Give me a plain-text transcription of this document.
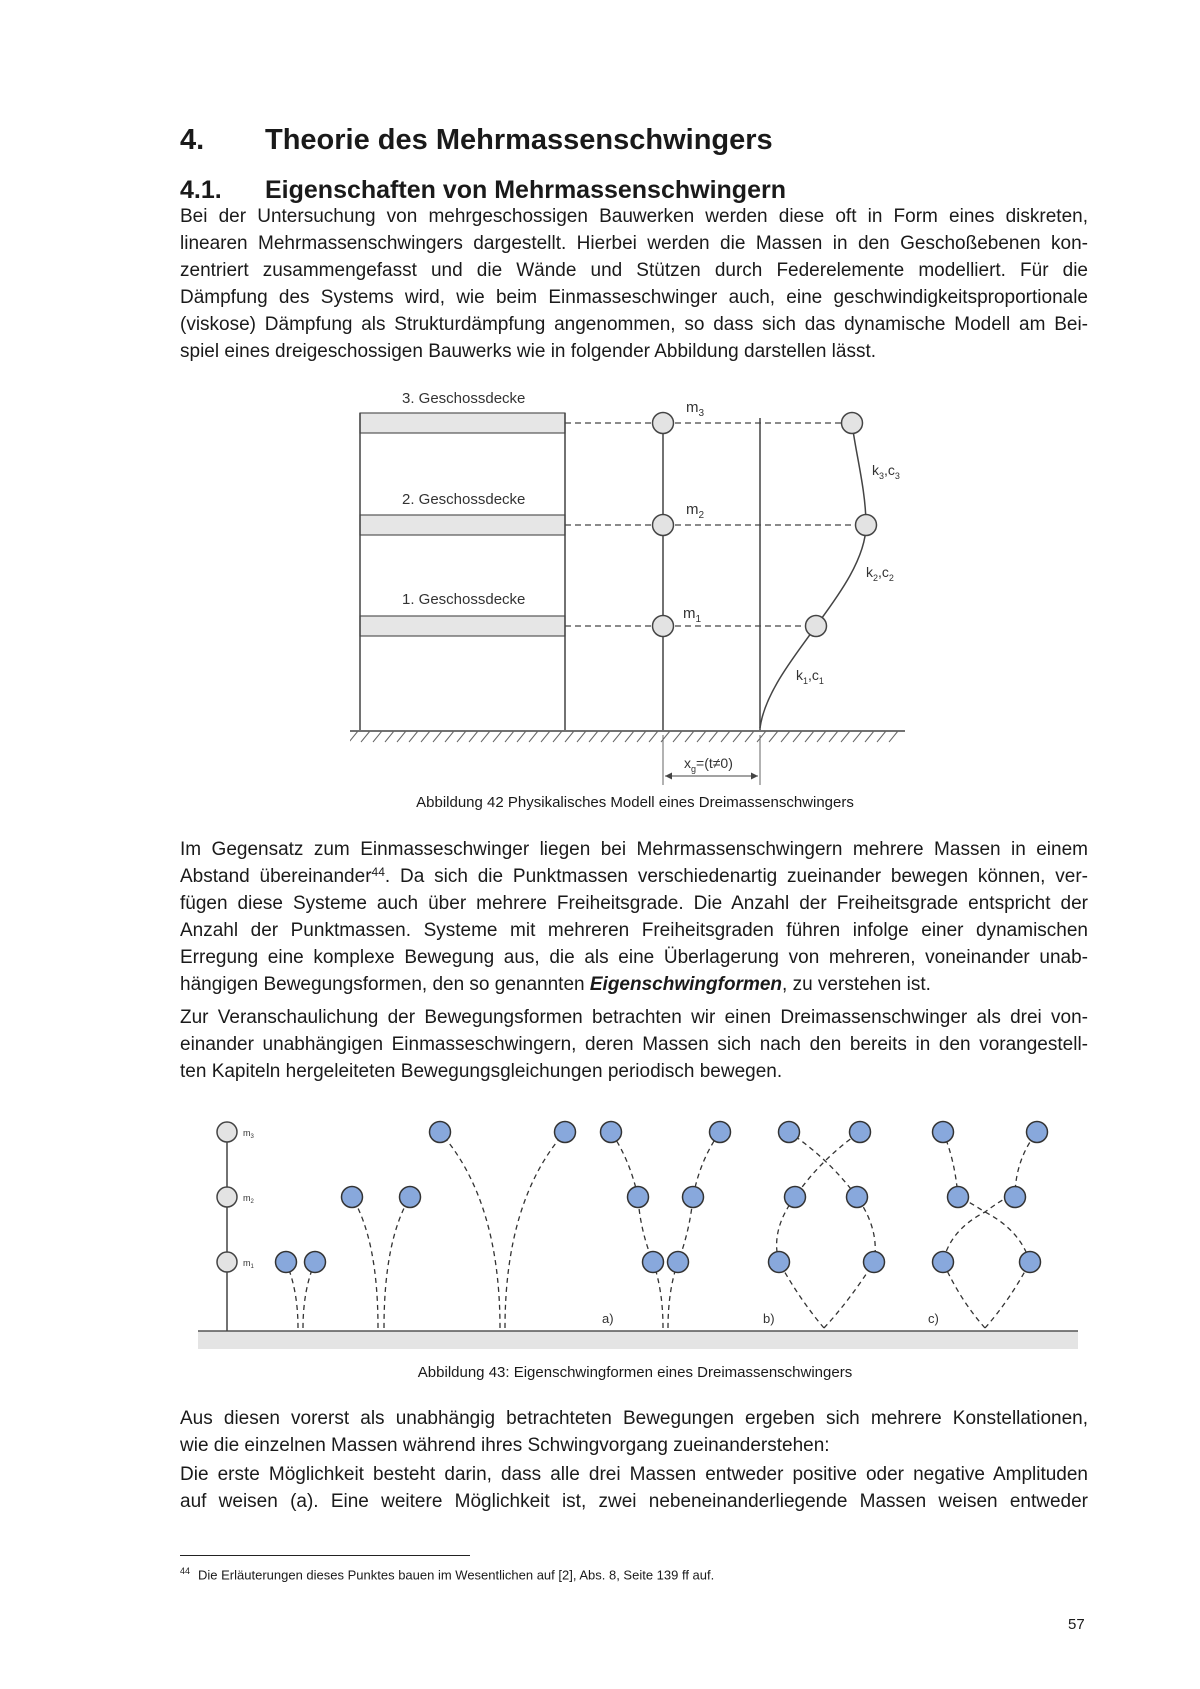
4. Theorie des Mehrmassenschwingers
4.1. Eigenschaften von Mehrmassenschwingern
Bei der Untersuchung von mehrgeschossigen Bauwerken werden diese oft in Form eines diskreten,
linearen Mehrmassenschwingers dargestellt. Hierbei werden die Massen in den Geschoßebenen kon-
zentriert zusammengefasst und die Wände und Stützen durch Federelemente modelliert. Für die
Dämpfung des Systems wird, wie beim Einmasseschwinger auch, eine geschwindigkeitsproportionale
(viskose) Dämpfung als Strukturdämpfung angenommen, so dass sich das dynamische Modell am Bei-
spiel eines dreigeschossigen Bauwerks wie in folgender Abbildung darstellen lässt.
3. Geschossdecke
2. Geschossdecke
1. Geschossdecke
$m_3$
$m_2$
$m_1$
$k_3,c_3$
$k_2,c_2$
$k_1,c_1$
$x_g=(t\ne 0)$
Abbildung 42 Physikalisches Modell eines Dreimassenschwingers
Im Gegensatz zum Einmasseschwinger liegen bei Mehrmassenschwingern mehrere Massen in einem
Abstand übereinander$^{44}$. Da sich die Punktmassen verschiedenartig zueinander bewegen können, ver-
fügen diese Systeme auch über mehrere Freiheitsgrade. Die Anzahl der Freiheitsgrade entspricht der
Anzahl der Punktmassen. Systeme mit mehreren Freiheitsgraden führen infolge einer dynamischen
Erregung eine komplexe Bewegung aus, die als eine Überlagerung von mehreren, voneinander unab-
hängigen Bewegungsformen, den so genannten Eigenschwingformen, zu verstehen ist.
Zur Veranschaulichung der Bewegungsformen betrachten wir einen Dreimassenschwinger als drei von-
einander unabhängigen Einmasseschwingern, deren Massen sich nach den bereits in den vorangestell-
ten Kapiteln hergeleiteten Bewegungsgleichungen periodisch bewegen.
$m_3$
$m_2$
$m_1$
a)	b)	c)
Abbildung 43: Eigenschwingformen eines Dreimassenschwingers
Aus diesen vorerst als unabhängig betrachteten Bewegungen ergeben sich mehrere Konstellationen,
wie die einzelnen Massen während ihres Schwingvorgang zueinanderstehen:
Die erste Möglichkeit besteht darin, dass alle drei Massen entweder positive oder negative Amplituden
auf weisen (a). Eine weitere Möglichkeit ist, zwei nebeneinanderliegende Massen weisen entweder
$^{44}$ Die Erläuterungen dieses Punktes bauen im Wesentlichen auf [2], Abs. 8, Seite 139 ff auf.
57
